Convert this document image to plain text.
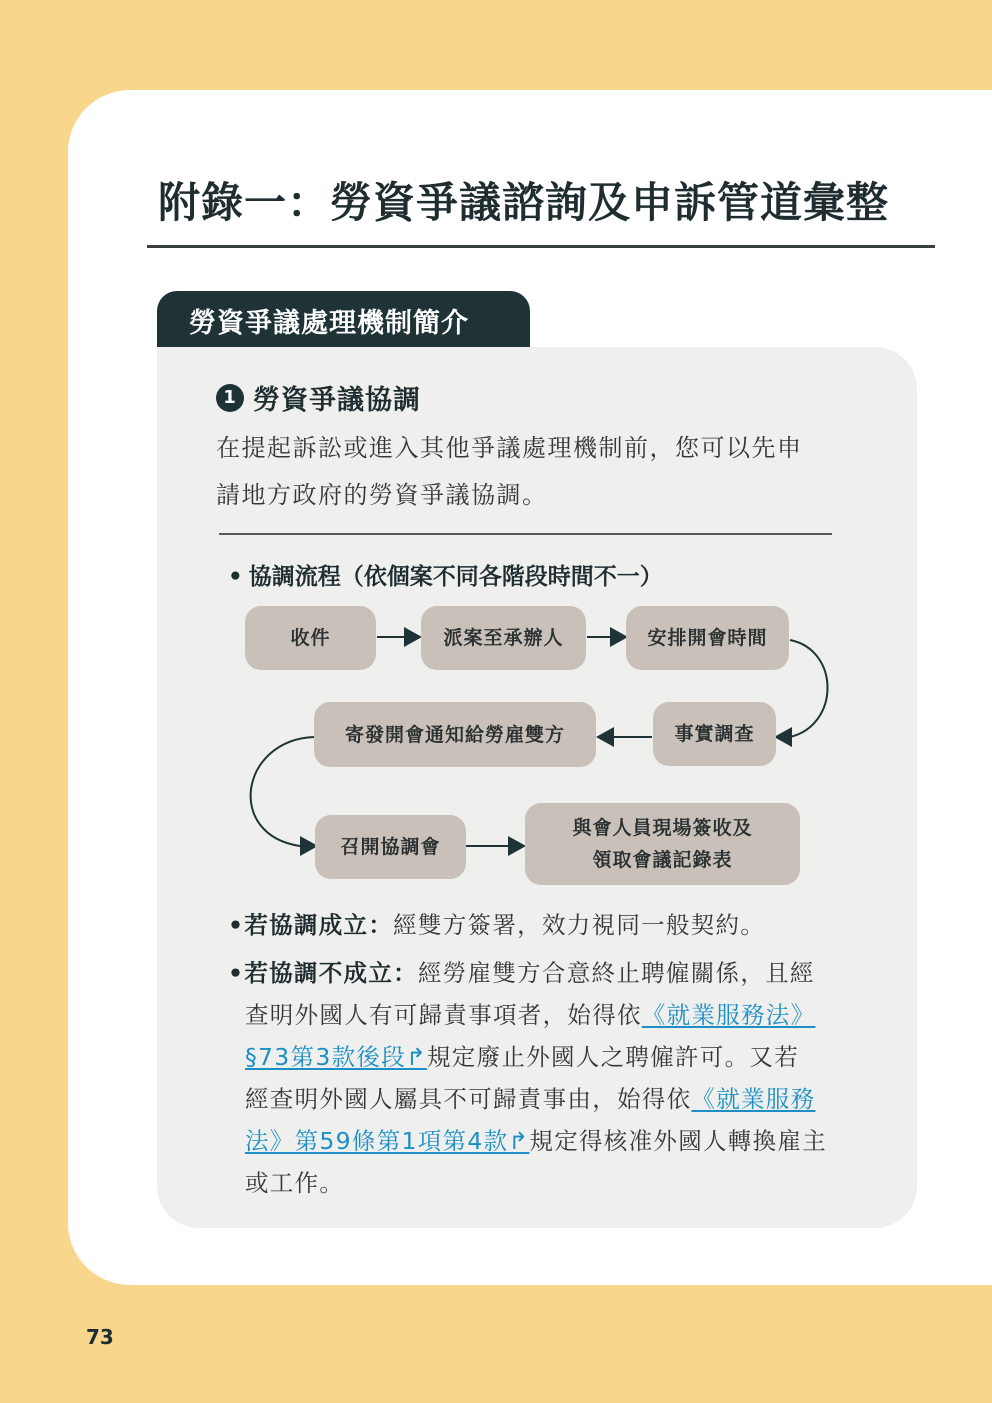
附錄一：勞資爭議諮詢及申訴管道彙整
勞資爭議處理機制簡介
1 勞資爭議協調
在提起訴訟或進入其他爭議處理機制前，您可以先申
請地方政府的勞資爭議協調。
• 協調流程（依個案不同各階段時間不一）
收件	派案至承辦人	安排開會時間
事實調查
寄發開會通知給勞雇雙方
召開協調會
與會人員現場簽收及
領取會議記錄表
•若協調成立：經雙方簽署，效力視同一般契約。
•若協調不成立：經勞雇雙方合意終止聘僱關係，且經
查明外國人有可歸責事項者，始得依《就業服務法》
§73第3款後段↱規定廢止外國人之聘僱許可。又若
經查明外國人屬具不可歸責事由，始得依《就業服務
法》第59條第1項第4款↱規定得核准外國人轉換雇主
或工作。
73
